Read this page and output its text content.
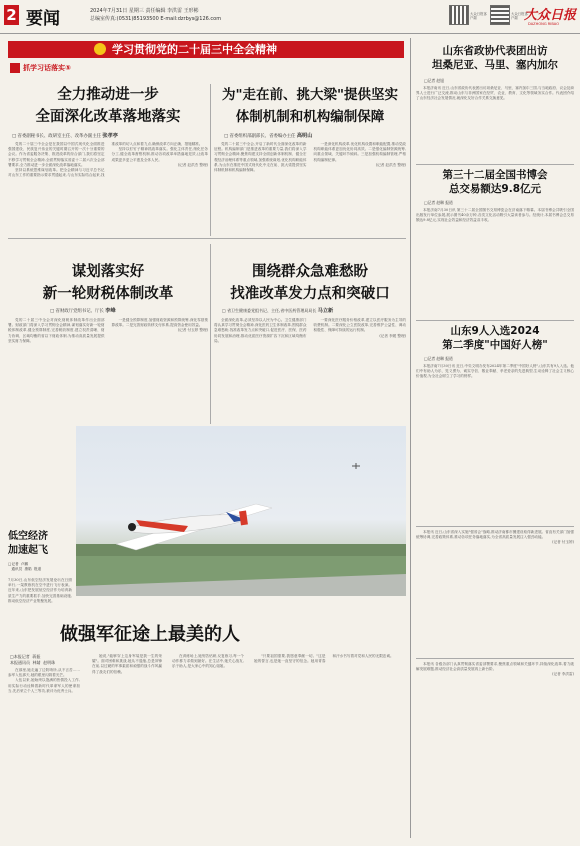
2 要闻	2024年7月31日 星期三 责任编辑 李洪雷 王形彬
总编室传真:(0531)85193500 E-mail:dzrbys@126.com
大众日报客户端
大众日报客户端 大众日报
DAZHONG RIBAO
学习贯彻党的二十届三中全会精神
抓学习话落实⑤
全力推动进一步
全面深化改革落地落实
□ 省委副秘书长、政研室主任、改革办副主任 张孝亭

党的二十届三中全会是在我国以中国式现代化全面推进强国建设、民族复兴伟业的关键时期召开的一次十分重要的会议。作为省委服务决策、推进改革的综合部门,我们将坚定不移学习贯彻全会精神,全面贯彻落实省委十二届六次全会部署要求,全力推动进一步全面深化改革落地落实。

坚持以系统思维谋划改革。把全会精神与习近平总书记对山东工作的重要指示要求贯通起来,与山东实际结合起来,找准改革的切入点和着力点,确保改革方向正确、措施精准。

坚持以钉钉子精神抓改革落实。强化主体责任,细化任务分工,健全改革督察机制,推动各项改革举措落地见效,让改革成果更多更公平惠及全体人民。

(记者 赵洪杰 整理)

为"走在前、挑大梁"提供坚实
体制机制和机构编制保障
□ 省委组织部副部长、省委编办主任 高明山

党的二十届三中全会,开启了新时代全面深化改革的新征程。机构编制部门是推进改革的重要力量,我们将深入学习贯彻全会精神,聚焦构建支持全面创新体制机制、健全宏观经济治理体系等重点领域,加强系统谋划,优化机构职能体系,为山东在推进中国式现代化中走在前、挑大梁提供坚实体制机制和机构编制保障。

一是深化机构改革,优化机构设置和职能配置,推动党政机构职能体系更加优化协同高效。二是强化编制资源统筹,向重点领域、关键环节倾斜。三是加强机构编制管理,严格机构编制纪律。

(记者 赵洪杰 整理)

谋划落实好
新一轮财税体制改革
□ 省财政厅党组书记、厅长 李峰

党的二十届三中全会对深化财税体制改革作出全面部署。财政部门将深入学习贯彻全会精神,谋划落实好新一轮财税体制改革,健全预算制度,完善税收制度,建立权责清晰、财力协调、区域均衡的省以下财政体制,为推动高质量发展提供坚实财力保障。

一是健全预算制度,加强财政资源和预算统筹,深化零基预算改革。二是完善财政转移支付体系,提高资金使用效益。

(记者 付玉婷 整理)

围绕群众急难愁盼
找准改革发力点和突破口
□ 省卫生健康委党组书记、主任,省中医药管理局局长 马立新

全面深化改革,必须坚持以人民为中心。卫生健康部门将认真学习贯彻全会精神,深化医药卫生体制改革,围绕群众急难愁盼,找准改革发力点和突破口,促进医疗、医保、医药协同发展和治理,推动优质医疗资源扩容下沉和区域均衡布局。

一要深化医疗服务价格改革,建立以医疗服务为主导的收费机制。二要深化公立医院改革,完善维护公益性、调动积极性、保障可持续的运行机制。

(记者 李媛 整理)

低空经济
加速起飞
□记者  卢鹏
通讯员  康皓  报道
7月30日,山东低空经济发展论坛在日照举行,一架教练机在空中进行飞行表演。近年来,山东把发展低空经济作为培育新质生产力的重要抓手,加快完善基础设施,推动低空经济产业集聚发展。
做强军征途上最美的人
□本报记者  蒋振
本报通讯员  林婧  赵明珠

在那里,她走遍了边防哨所,从不言苦……参军入伍那天,她的眼里闪烁着光芒。

入伍以来,她始终以饱满的热情投入工作,用实际行动诠释着新时代革命军人的使命担当,先后荣立个人三等功,被评为优秀士兵。

她说,"能够穿上这身军装是我一生的荣耀"。面对困难和挑战,她从不退缩,总是冲锋在前,以过硬的军事素质和顽强的战斗作风赢得了战友们的信赖。

在训练场上,她刻苦钻研,反复练习,每一个动作都力求做到最好。在生活中,她关心战友,乐于助人,是大家心中的知心姐姐。

"只要祖国需要,我愿意奉献一切。"这是她的誓言,也是她一直坚守的信念。她用青春和汗水书写着对党和人民的无限忠诚。

山东省政协代表团出访
坦桑尼亚、马里、塞内加尔
□记者 赵旭

本报济南讯 近日,山东省政协代表团出访坦桑尼亚、马里、塞内加尔三国,与当地政府、议会及商界人士进行广泛交流,推动山东与非洲国家在经贸、农业、教育、文化等领域务实合作。代表团介绍了山东经济社会发展情况,就深化友好合作关系交换意见。

第三十二届全国书博会
总交易额达9.8亿元
□记者 赵琳 报道

本报济南7月30日讯 第三十二届全国图书交易博览会在济南落下帷幕。本届书博会共吸引全国出版发行单位参展,展示图书40余万种,各类文化活动吸引大量读者参与。经统计,本届书博会总交易额达9.8亿元,实现社会效益和经济效益双丰收。

山东9人入选2024
第二季度"中国好人榜"
□记者 赵琳 报道

本报济南7月30日讯 近日,中央文明办发布2024年第二季度"中国好人榜",山东共有9人入选。他们中有助人为乐、见义勇为、诚实守信、敬业奉献、孝老爱亲的先进典型,生动诠释了社会主义核心价值观,为全社会树立了学习的榜样。

本报讯 近日,山东省深入实施"强省会"战略,推动济南都市圈建设取得新进展。省直有关部门加强统筹协调,完善政策体系,推动各项任务落地落实,为全省高质量发展注入强劲动能。

(记者 付玉婷)

本报讯 各级各部门认真贯彻落实省委部署要求,聚焦重点领域和关键环节,持续深化改革,着力破解发展难题,推动经济社会高质量发展再上新台阶。

(记者 李洪雷)
